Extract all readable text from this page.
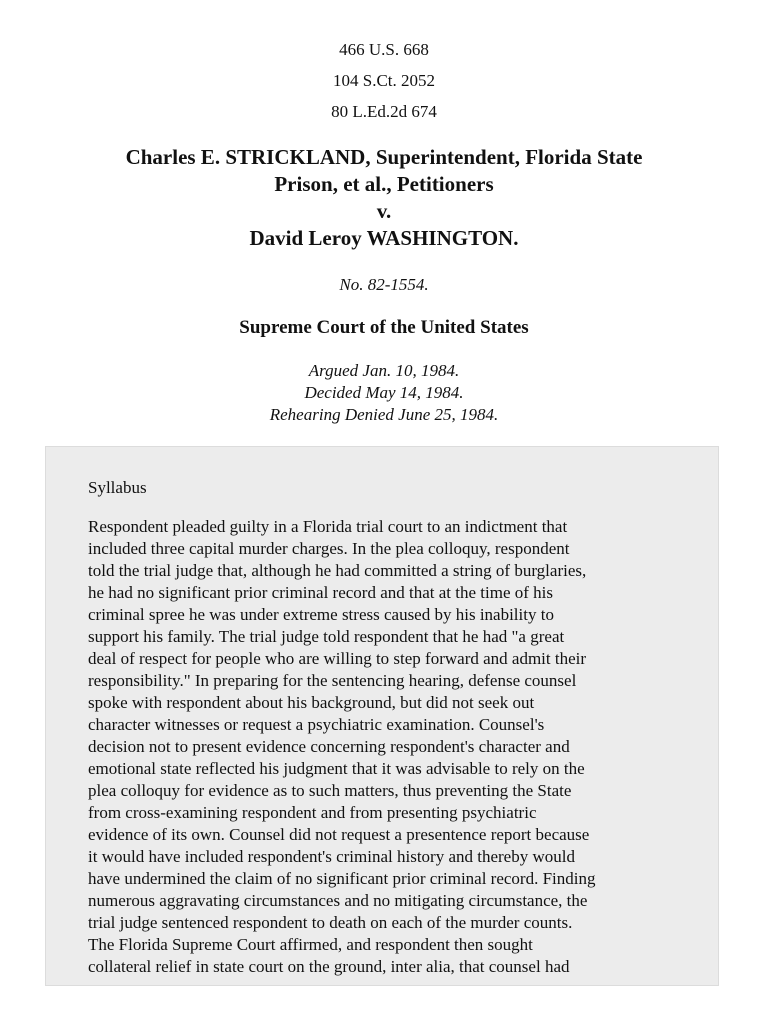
466 U.S. 668
104 S.Ct. 2052
80 L.Ed.2d 674
Charles E. STRICKLAND, Superintendent, Florida State
Prison, et al., Petitioners
v.
David Leroy WASHINGTON.
No. 82-1554.
Supreme Court of the United States
Argued Jan. 10, 1984.
Decided May 14, 1984.
Rehearing Denied June 25, 1984.
Syllabus
Respondent pleaded guilty in a Florida trial court to an indictment that
included three capital murder charges. In the plea colloquy, respondent
told the trial judge that, although he had committed a string of burglaries,
he had no significant prior criminal record and that at the time of his
criminal spree he was under extreme stress caused by his inability to
support his family. The trial judge told respondent that he had "a great
deal of respect for people who are willing to step forward and admit their
responsibility." In preparing for the sentencing hearing, defense counsel
spoke with respondent about his background, but did not seek out
character witnesses or request a psychiatric examination. Counsel's
decision not to present evidence concerning respondent's character and
emotional state reflected his judgment that it was advisable to rely on the
plea colloquy for evidence as to such matters, thus preventing the State
from cross-examining respondent and from presenting psychiatric
evidence of its own. Counsel did not request a presentence report because
it would have included respondent's criminal history and thereby would
have undermined the claim of no significant prior criminal record. Finding
numerous aggravating circumstances and no mitigating circumstance, the
trial judge sentenced respondent to death on each of the murder counts.
The Florida Supreme Court affirmed, and respondent then sought
collateral relief in state court on the ground, inter alia, that counsel had
